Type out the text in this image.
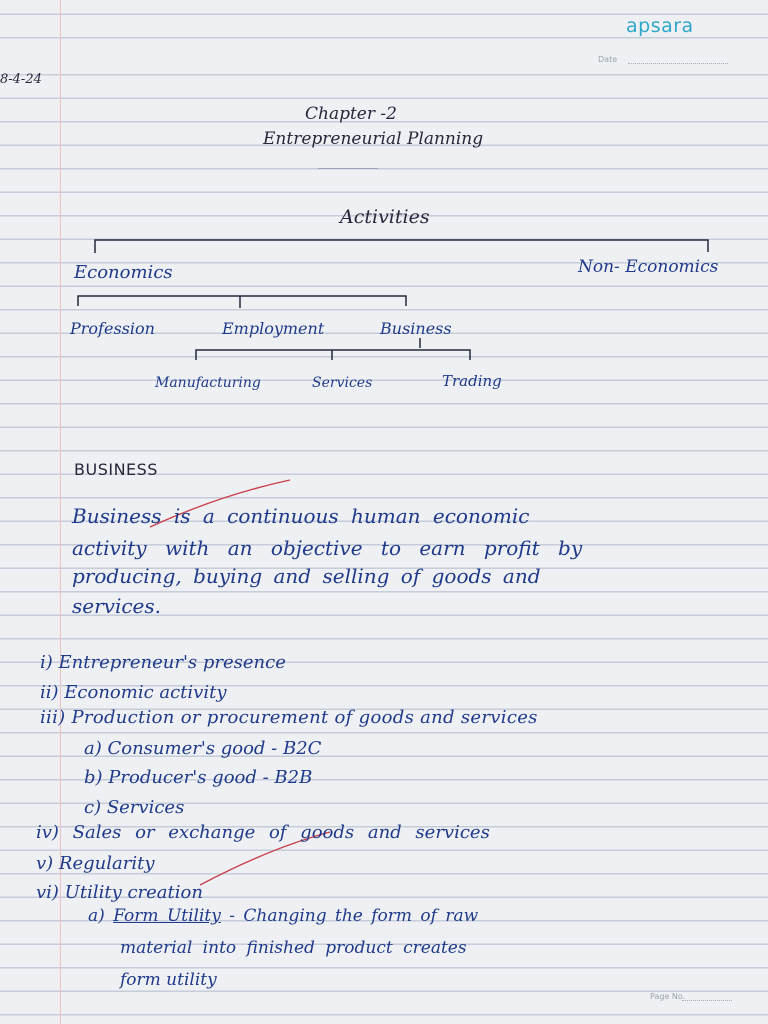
apsara
Date
Page No.
8-4-24
Chapter -2
Entrepreneurial Planning
Activities
Economics	Non- Economics
Profession	Employment	Business
Manufacturing	Services	Trading
BUSINESS
Business is a continuous human economic
activity with an objective to earn profit by
producing, buying and selling of goods and
services.
i) Entrepreneur's presence
ii) Economic activity
iii) Production or procurement of goods and services
a) Consumer's good - B2C
b) Producer's good - B2B
c) Services
iv) Sales or exchange of goods and services
v) Regularity
vi) Utility creation
a) Form Utility - Changing the form of raw
material into finished product creates
form utility
